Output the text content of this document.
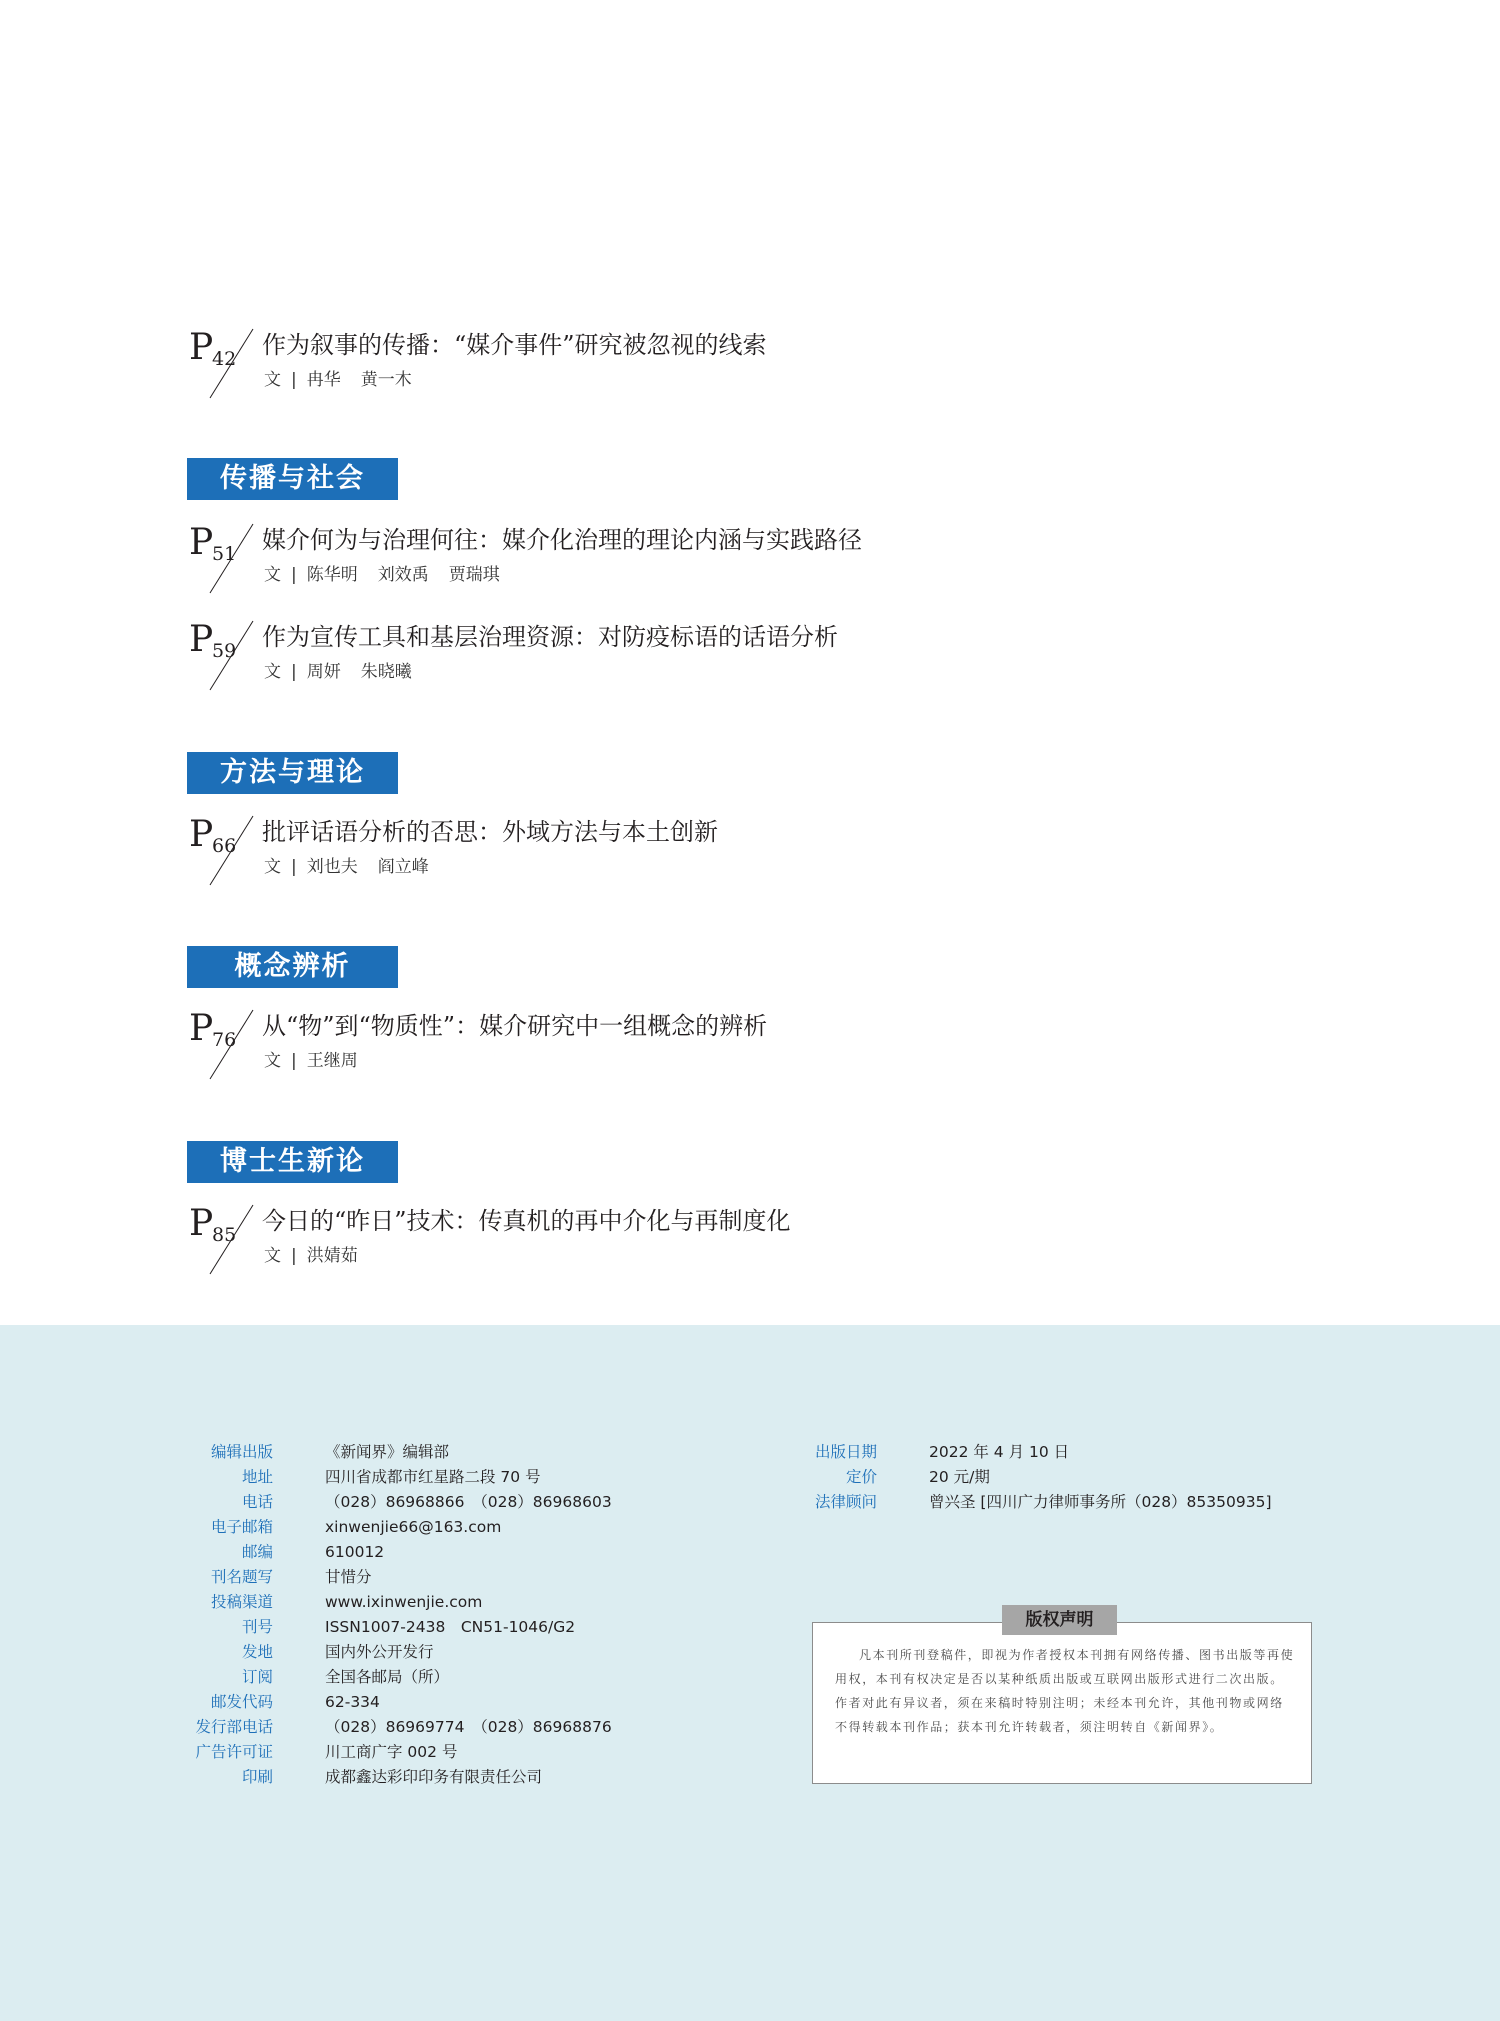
P
42 作为叙事的传播：“媒介事件”研究被忽视的线索
文 | 冉华 黄一木
传播与社会
P
51 媒介何为与治理何往：媒介化治理的理论内涵与实践路径
文 | 陈华明 刘效禹 贾瑞琪
P
59 作为宣传工具和基层治理资源：对防疫标语的话语分析
文 | 周妍 朱晓曦
方法与理论
P
66 批评话语分析的否思：外域方法与本土创新
文 | 刘也夫 阎立峰
概念辨析
P
76 从“物”到“物质性”：媒介研究中一组概念的辨析
文 | 王继周
博士生新论
P
85 今日的“昨日”技术：传真机的再中介化与再制度化
文 | 洪婧茹
编辑出版	《新闻界》编辑部
地址	四川省成都市红星路二段 70 号
电话	（028）86968866　（028）86968603
电子邮箱	xinwenjie66@163.com
邮编	610012
刊名题写	甘惜分
投稿渠道	www.ixinwenjie.com
刊号	ISSN1007-2438　CN51-1046/G2
发地	国内外公开发行
订阅	全国各邮局（所）
邮发代码	62-334
发行部电话	（028）86969774　（028）86968876
广告许可证	川工商广字 002 号
印刷	成都鑫达彩印印务有限责任公司
出版日期	2022 年 4 月 10 日
定价	20 元/期
法律顾问	曾兴圣 [四川广力律师事务所（028）85350935]
凡本刊所刊登稿件，即视为作者授权本刊拥有网络传播、图书出版等再使用权，本刊有权决定是否以某种纸质出版或互联网出版形式进行二次出版。作者对此有异议者，须在来稿时特别注明；未经本刊允许，其他刊物或网络不得转载本刊作品；获本刊允许转载者，须注明转自《新闻界》。
版权声明
